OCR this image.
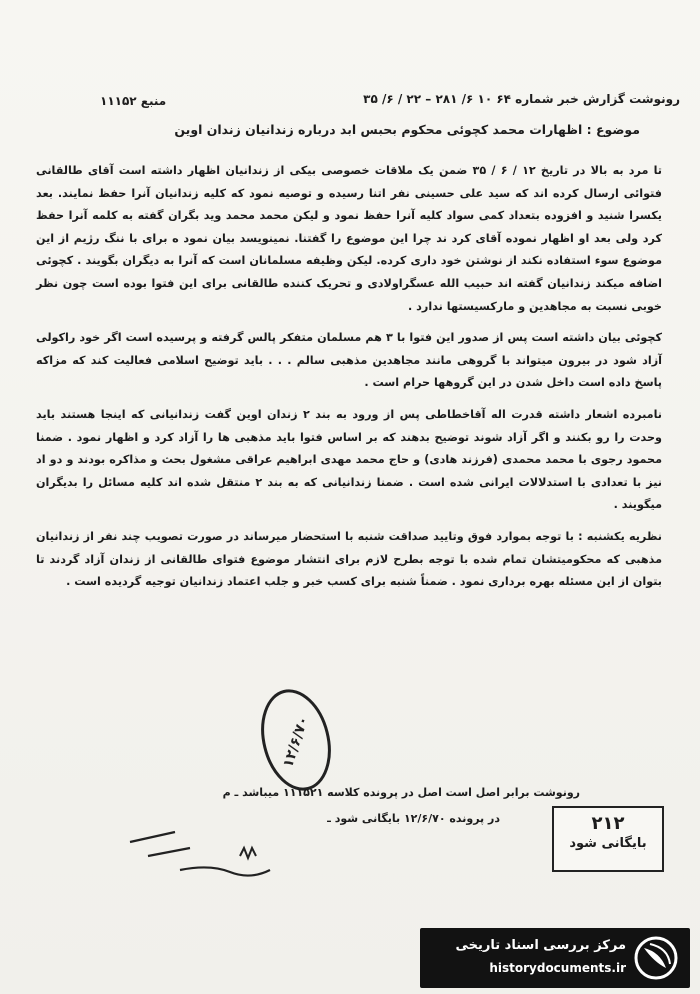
رونوشت گزارش خبر شماره ۶۴ ۱۰ ۶/ ۲۸۱ – ۲۲ / ۶/ ۳۵
منبع ۱۱۱۵۲
موضوع : اظهارات محمد کچوئی محکوم بحبس ابد درباره زندانیان زندان اوین

تا مرد به بالا در تاریخ ۱۲ / ۶ / ۳۵ ضمن یک ملاقات خصوصی بیکی از زندانیان اظهار داشته است آقای طالقانی فتوائی ارسال کرده اند که سید علی حسینی نفر اتنا رسیده و توصیه نمود که کلیه زندانیان آنرا حفظ نمایند. بعد یکسرا شنید و افزوده بتعداد کمی سواد کلیه آنرا حفظ نمود و لیکن محمد محمد وید بگران گفته به کلمه آنرا حفظ کرد ولی بعد او اظهار نموده آقای کرد ند چرا این موضوع را گفتنا. نمینویسد بیان نمود ه برای با ننگ رژیم از این موضوع سوء استفاده نکند از نوشتن خود داری کرده. لیکن وظیفه مسلمانان است که آنرا به دیگران بگویند . کچوئی اضافه میکند زندانیان گفته اند حبیب الله عسگراولادی و تحریک کننده طالقانی برای این فتوا بوده است چون نظر خوبی نسبت به مجاهدین و مارکسیستها ندارد .

کچوئی بیان داشته است پس از صدور این فتوا با ۳ هم مسلمان متفکر پالس گرفته و پرسیده است اگر خود راکولی آزاد شود در بیرون میتواند با گروهی مانند مجاهدین مذهبی سالم . . . باید توضیح اسلامی فعالیت کند که مزاکه پاسخ داده است داخل شدن در این گروهها حرام است .

نامبرده اشعار داشته قدرت اله آقاخطاطی پس از ورود به بند ۲ زندان اوین گفت زندانیانی که اینجا هستند باید وحدت را رو بکنند و اگر آزاد شوند توضیح بدهند که بر اساس فتوا باید مذهبی ها را آزاد کرد و اظهار نمود . ضمنا محمود رجوی با محمد محمدی (فرزند هادی) و حاج محمد مهدی ابراهیم عراقی مشغول بحث و مذاکره بودند و دو اد نیز با تعدادی با استدلالات ایرانی شده است . ضمنا زندانیانی که به بند ۲ منتقل شده اند کلیه مسائل را بدیگران میگویند .

نظریه یکشنبه : با توجه بموارد فوق وتایید صداقت شنبه با استحضار میرساند در صورت تصویب چند نفر از زندانیان مذهبی که محکومیتشان تمام شده با توجه بطرح لازم برای انتشار موضوع فتوای طالقانی از زندان آزاد گردند تا بتوان از این مسئله بهره برداری نمود . ضمناً شنبه برای کسب خبر و جلب اعتماد زندانیان توجیه گردیده است .

۱۲/۶/۷۰
رونوشت برابر اصل است اصل در پرونده کلاسه ۱۱۱۵۲۱ میباشد ـ م
در پرونده ۱۲/۶/۷۰ بایگانی شود ـ	۲۱۲
بایگانی شود
مرکز بررسی اسناد تاریخی
historydocuments.ir
